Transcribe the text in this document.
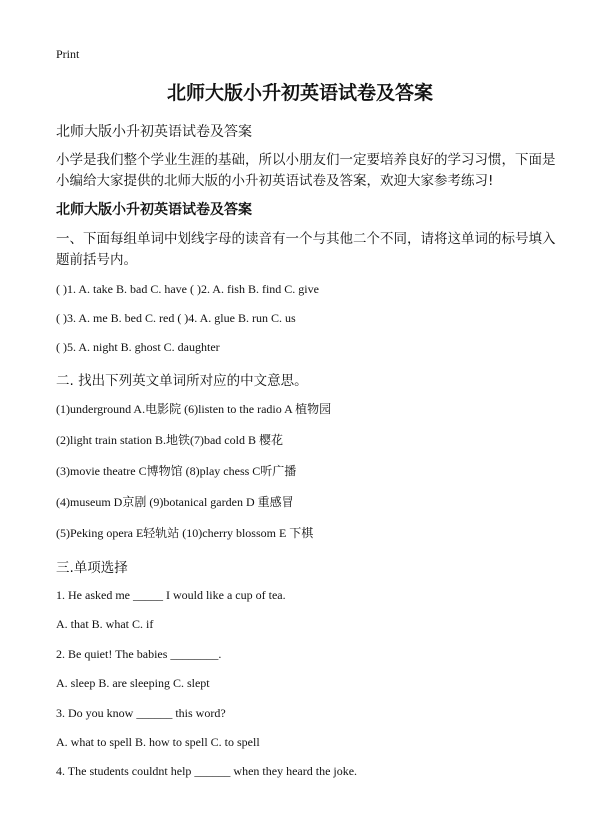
Print
北师大版小升初英语试卷及答案
北师大版小升初英语试卷及答案
小学是我们整个学业生涯的基础，所以小朋友们一定要培养良好的学习习惯，下面是小编给大家提供的北师大版的小升初英语试卷及答案，欢迎大家参考练习!
北师大版小升初英语试卷及答案
一、下面每组单词中划线字母的读音有一个与其他二个不同，请将这单词的标号填入题前括号内。
( )1. A. take B. bad C. have ( )2. A. fish B. find C. give
( )3. A. me B. bed C. red ( )4. A. glue B. run C. us
( )5. A. night B. ghost C. daughter
二. 找出下列英文单词所对应的中文意思。
(1)underground A.电影院 (6)listen to the radio A 植物园
(2)light train station B.地铁(7)bad cold B 樱花
(3)movie theatre C博物馆 (8)play chess C听广播
(4)museum D京剧 (9)botanical garden D 重感冒
(5)Peking opera E轻轨站 (10)cherry blossom E 下棋
三.单项选择
1. He asked me _____ I would like a cup of tea.
A. that B. what C. if
2. Be quiet! The babies ________.
A. sleep B. are sleeping C. slept
3. Do you know ______ this word?
A. what to spell B. how to spell C. to spell
4. The students couldnt help ______ when they heard the joke.
